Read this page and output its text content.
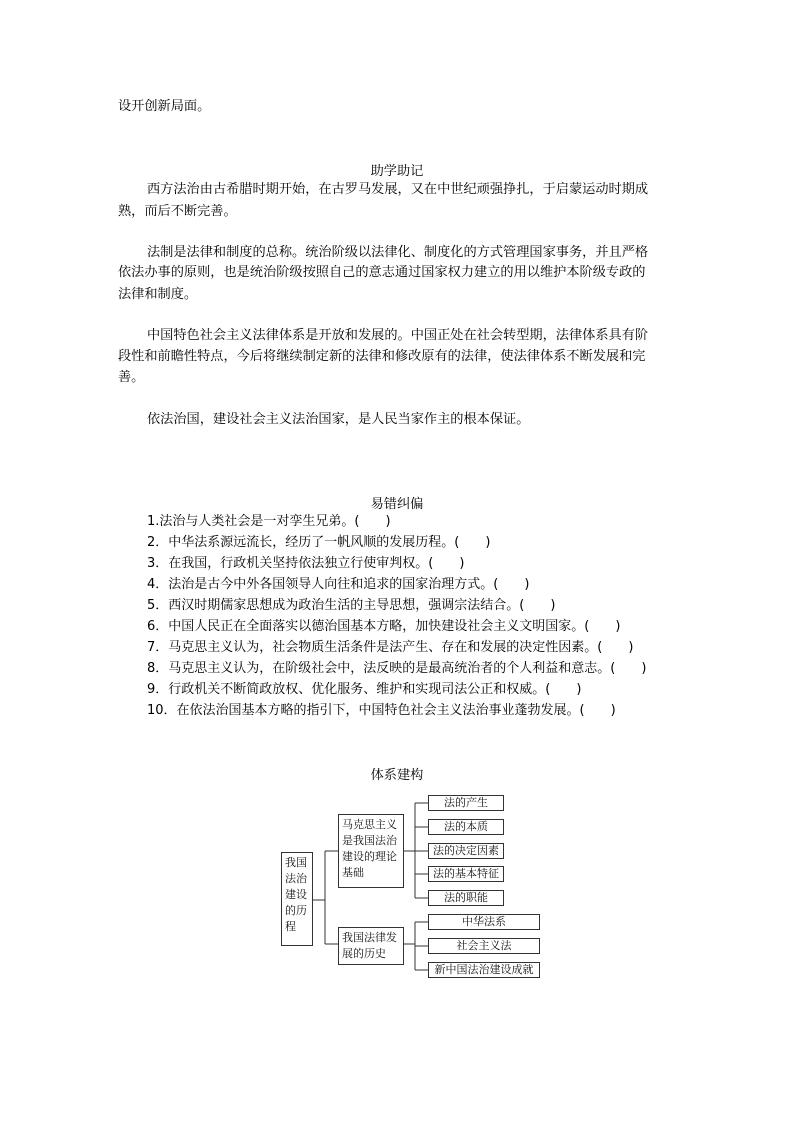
设开创新局面。
助学助记
西方法治由古希腊时期开始，在古罗马发展，又在中世纪顽强挣扎，于启蒙运动时期成
熟，而后不断完善。
法制是法律和制度的总称。统治阶级以法律化、制度化的方式管理国家事务，并且严格
依法办事的原则，也是统治阶级按照自己的意志通过国家权力建立的用以维护本阶级专政的
法律和制度。
中国特色社会主义法律体系是开放和发展的。中国正处在社会转型期，法律体系具有阶
段性和前瞻性特点，今后将继续制定新的法律和修改原有的法律，使法律体系不断发展和完
善。
依法治国，建设社会主义法治国家，是人民当家作主的根本保证。
易错纠偏
1.法治与人类社会是一对孪生兄弟。(　　)
2．中华法系源远流长，经历了一帆风顺的发展历程。(　　)
3．在我国，行政机关坚持依法独立行使审判权。(　　)
4．法治是古今中外各国领导人向往和追求的国家治理方式。(　　)
5．西汉时期儒家思想成为政治生活的主导思想，强调宗法结合。(　　)
6．中国人民正在全面落实以德治国基本方略，加快建设社会主义文明国家。(　　)
7．马克思主义认为，社会物质生活条件是法产生、存在和发展的决定性因素。(　　)
8．马克思主义认为，在阶级社会中，法反映的是最高统治者的个人利益和意志。(　　)
9．行政机关不断简政放权、优化服务、维护和实现司法公正和权威。(　　)
10．在依法治国基本方略的指引下，中国特色社会主义法治事业蓬勃发展。(　　)
体系建构
我国
法治
建设
的历
程
马克思主义
是我国法治
建设的理论
基础
我国法律发
展的历史
法的产生
法的本质
法的决定因素
法的基本特征
法的职能
中华法系
社会主义法
新中国法治建设成就
